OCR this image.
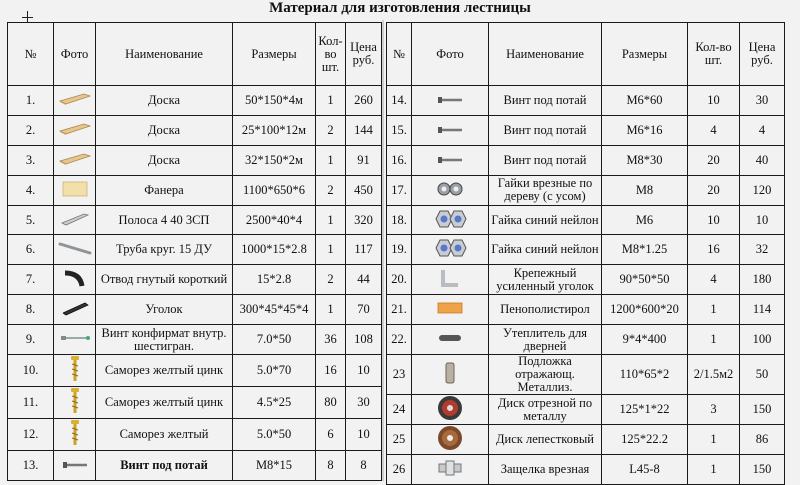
Материал для изготовления лестницы
№	Фото	Наименование	Размеры	Кол-во шт.	Цена руб.
1.		Доска	50*150*4м	1	260
2.		Доска	25*100*12м	2	144
3.		Доска	32*150*2м	1	91
4.		Фанера	1100*650*6	2	450
5.		Полоса 4 40 3СП	2500*40*4	1	320
6.		Труба круг. 15 ДУ	1000*15*2.8	1	117
7.		Отвод гнутый короткий	15*2.8	2	44
8.		Уголок	300*45*45*4	1	70
9.		Винт конфирмат внутр. шестигран.	7.0*50	36	108
10.		Саморез желтый цинк	5.0*70	16	10
11.		Саморез желтый цинк	4.5*25	80	30
12.		Саморез желтый	5.0*50	6	10
13.		Винт под потай	M8*15	8	8
№	Фото	Наименование	Размеры	Кол-во шт.	Цена руб.
14.		Винт под потай	M6*60	10	30
15.		Винт под потай	M6*16	4	4
16.		Винт под потай	M8*30	20	40
17.		Гайки врезные по дереву (с усом)	M8	20	120
18.		Гайка синий нейлон	M6	10	10
19.		Гайка синий нейлон	M8*1.25	16	32
20.		Крепежный усиленный уголок	90*50*50	4	180
21.		Пенополистирол	1200*600*20	1	114
22.		Утеплитель для дверней	9*4*400	1	100
23		Подложка отражающ. Металлиз.	110*65*2	2/1.5м2	50
24		Диск отрезной по металлу	125*1*22	3	150
25		Диск лепестковый	125*22.2	1	86
26		Защелка врезная	L45-8	1	150
